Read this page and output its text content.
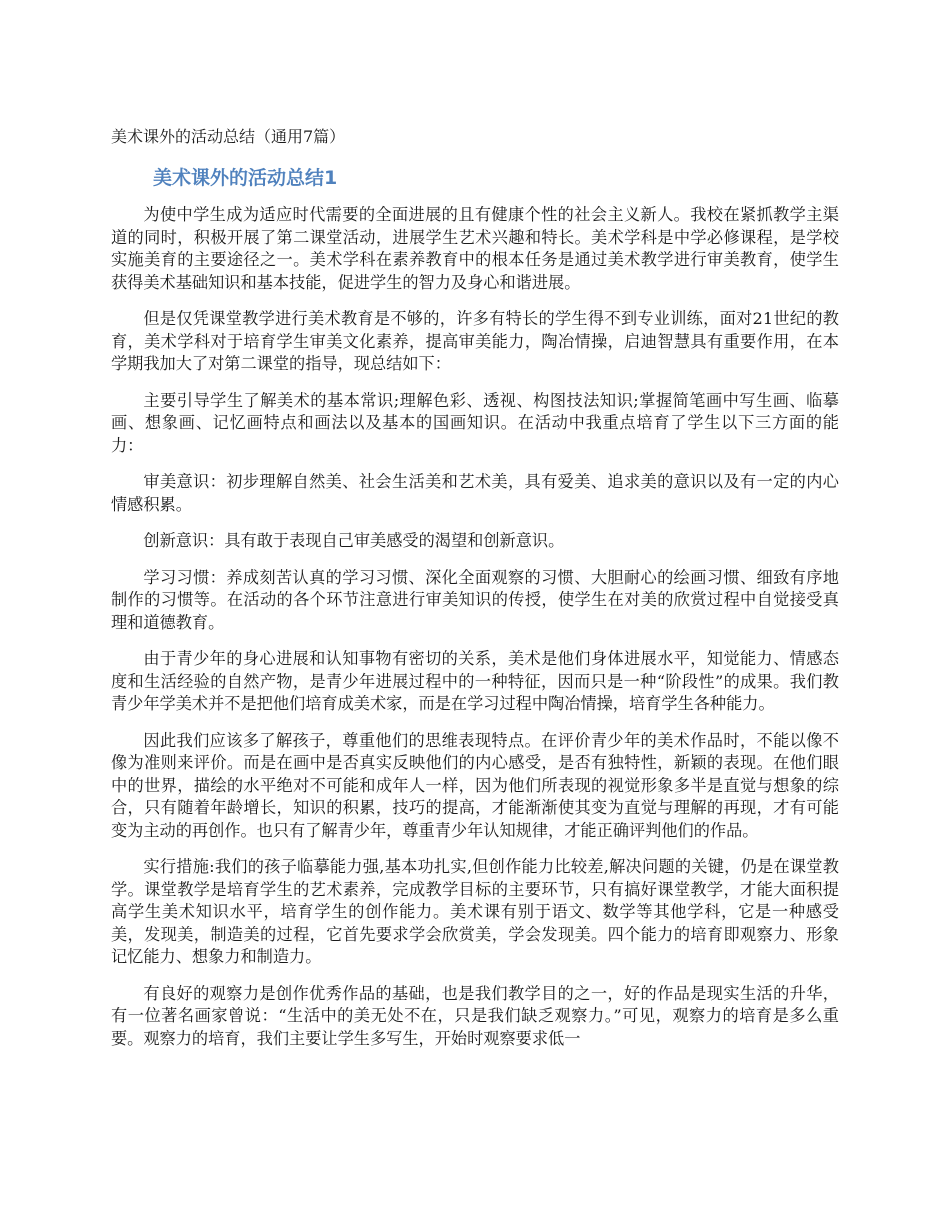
美术课外的活动总结（通用7篇）
美术课外的活动总结1

为使中学生成为适应时代需要的全面进展的且有健康个性的社会主义新人。我校在紧抓教学主渠道的同时，积极开展了第二课堂活动，进展学生艺术兴趣和特长。美术学科是中学必修课程，是学校实施美育的主要途径之一。美术学科在素养教育中的根本任务是通过美术教学进行审美教育，使学生获得美术基础知识和基本技能，促进学生的智力及身心和谐进展。

但是仅凭课堂教学进行美术教育是不够的，许多有特长的学生得不到专业训练，面对21世纪的教育，美术学科对于培育学生审美文化素养，提高审美能力，陶冶情操，启迪智慧具有重要作用，在本学期我加大了对第二课堂的指导，现总结如下：

主要引导学生了解美术的基本常识;理解色彩、透视、构图技法知识;掌握简笔画中写生画、临摹画、想象画、记忆画特点和画法以及基本的国画知识。在活动中我重点培育了学生以下三方面的能力：

审美意识：初步理解自然美、社会生活美和艺术美，具有爱美、追求美的意识以及有一定的内心情感积累。

创新意识：具有敢于表现自己审美感受的渴望和创新意识。

学习习惯：养成刻苦认真的学习习惯、深化全面观察的习惯、大胆耐心的绘画习惯、细致有序地制作的习惯等。在活动的各个环节注意进行审美知识的传授，使学生在对美的欣赏过程中自觉接受真理和道德教育。

由于青少年的身心进展和认知事物有密切的关系，美术是他们身体进展水平，知觉能力、情感态度和生活经验的自然产物，是青少年进展过程中的一种特征，因而只是一种“阶段性”的成果。我们教青少年学美术并不是把他们培育成美术家，而是在学习过程中陶冶情操，培育学生各种能力。

因此我们应该多了解孩子，尊重他们的思维表现特点。在评价青少年的美术作品时，不能以像不像为准则来评价。而是在画中是否真实反映他们的内心感受，是否有独特性，新颖的表现。在他们眼中的世界，描绘的水平绝对不可能和成年人一样，因为他们所表现的视觉形象多半是直觉与想象的综合，只有随着年龄增长，知识的积累，技巧的提高，才能渐渐使其变为直觉与理解的再现，才有可能变为主动的再创作。也只有了解青少年，尊重青少年认知规律，才能正确评判他们的作品。

实行措施:我们的孩子临摹能力强,基本功扎实,但创作能力比较差,解决问题的关键，仍是在课堂教学。课堂教学是培育学生的艺术素养，完成教学目标的主要环节，只有搞好课堂教学，才能大面积提高学生美术知识水平，培育学生的创作能力。美术课有别于语文、数学等其他学科，它是一种感受美，发现美，制造美的过程，它首先要求学会欣赏美，学会发现美。四个能力的培育即观察力、形象记忆能力、想象力和制造力。

有良好的观察力是创作优秀作品的基础，也是我们教学目的之一，好的作品是现实生活的升华，有一位著名画家曾说：“生活中的美无处不在，只是我们缺乏观察力。”可见，观察力的培育是多么重要。观察力的培育，我们主要让学生多写生，开始时观察要求低一
